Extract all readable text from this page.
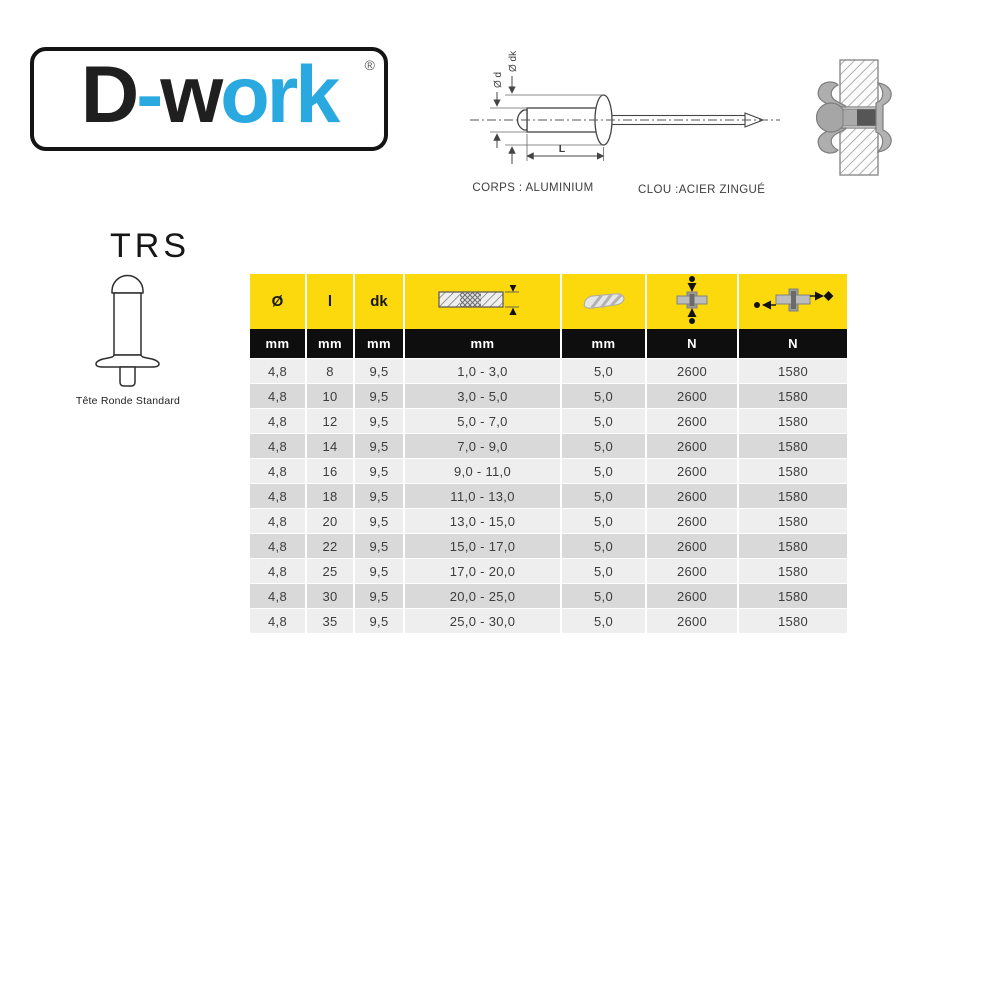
D-work ®
Ø d
Ø dk
L
CORPS : ALUMINIUM	CLOU :ACIER ZINGUÉ
TRS
Tête Ronde Standard
Ø	l	dk				
mm	mm	mm	mm	mm	N	N
4,8	8	9,5	1,0 - 3,0	5,0	2600	1580
4,8	10	9,5	3,0 - 5,0	5,0	2600	1580
4,8	12	9,5	5,0 - 7,0	5,0	2600	1580
4,8	14	9,5	7,0 - 9,0	5,0	2600	1580
4,8	16	9,5	9,0 - 11,0	5,0	2600	1580
4,8	18	9,5	11,0 - 13,0	5,0	2600	1580
4,8	20	9,5	13,0 - 15,0	5,0	2600	1580
4,8	22	9,5	15,0 - 17,0	5,0	2600	1580
4,8	25	9,5	17,0 - 20,0	5,0	2600	1580
4,8	30	9,5	20,0 - 25,0	5,0	2600	1580
4,8	35	9,5	25,0 - 30,0	5,0	2600	1580
